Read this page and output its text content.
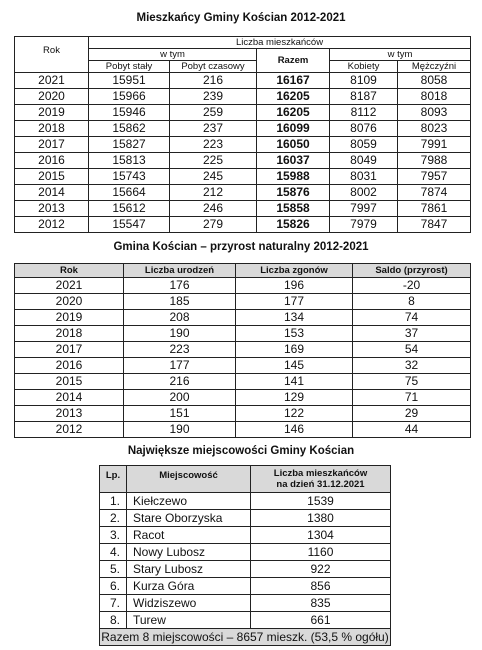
Mieszkańcy Gminy Kościan 2012-2021
Rok	Liczba mieszkańców				
	w tym		Razem	w tym	
	Pobyt stały	Pobyt czasowy		Kobiety	Mężczyźni
2021	15951	216	16167	8109	8058
2020	15966	239	16205	8187	8018
2019	15946	259	16205	8112	8093
2018	15862	237	16099	8076	8023
2017	15827	223	16050	8059	7991
2016	15813	225	16037	8049	7988
2015	15743	245	15988	8031	7957
2014	15664	212	15876	8002	7874
2013	15612	246	15858	7997	7861
2012	15547	279	15826	7979	7847
Gmina Kościan – przyrost naturalny 2012-2021
Rok	Liczba urodzeń	Liczba zgonów	Saldo (przyrost)
2021	176	196	-20
2020	185	177	8
2019	208	134	74
2018	190	153	37
2017	223	169	54
2016	177	145	32
2015	216	141	75
2014	200	129	71
2013	151	122	29
2012	190	146	44
Największe miejscowości Gminy Kościan
Lp.	Miejscowość	Liczba mieszkańców
na dzień 31.12.2021

1.	Kiełczewo	1539
2.	Stare Oborzyska	1380
3.	Racot	1304
4.	Nowy Lubosz	1160
5.	Stary Lubosz	922
6.	Kurza Góra	856
7.	Widziszewo	835
8.	Turew	661
Razem 8 miejscowości – 8657 mieszk. (53,5 % ogółu)		
